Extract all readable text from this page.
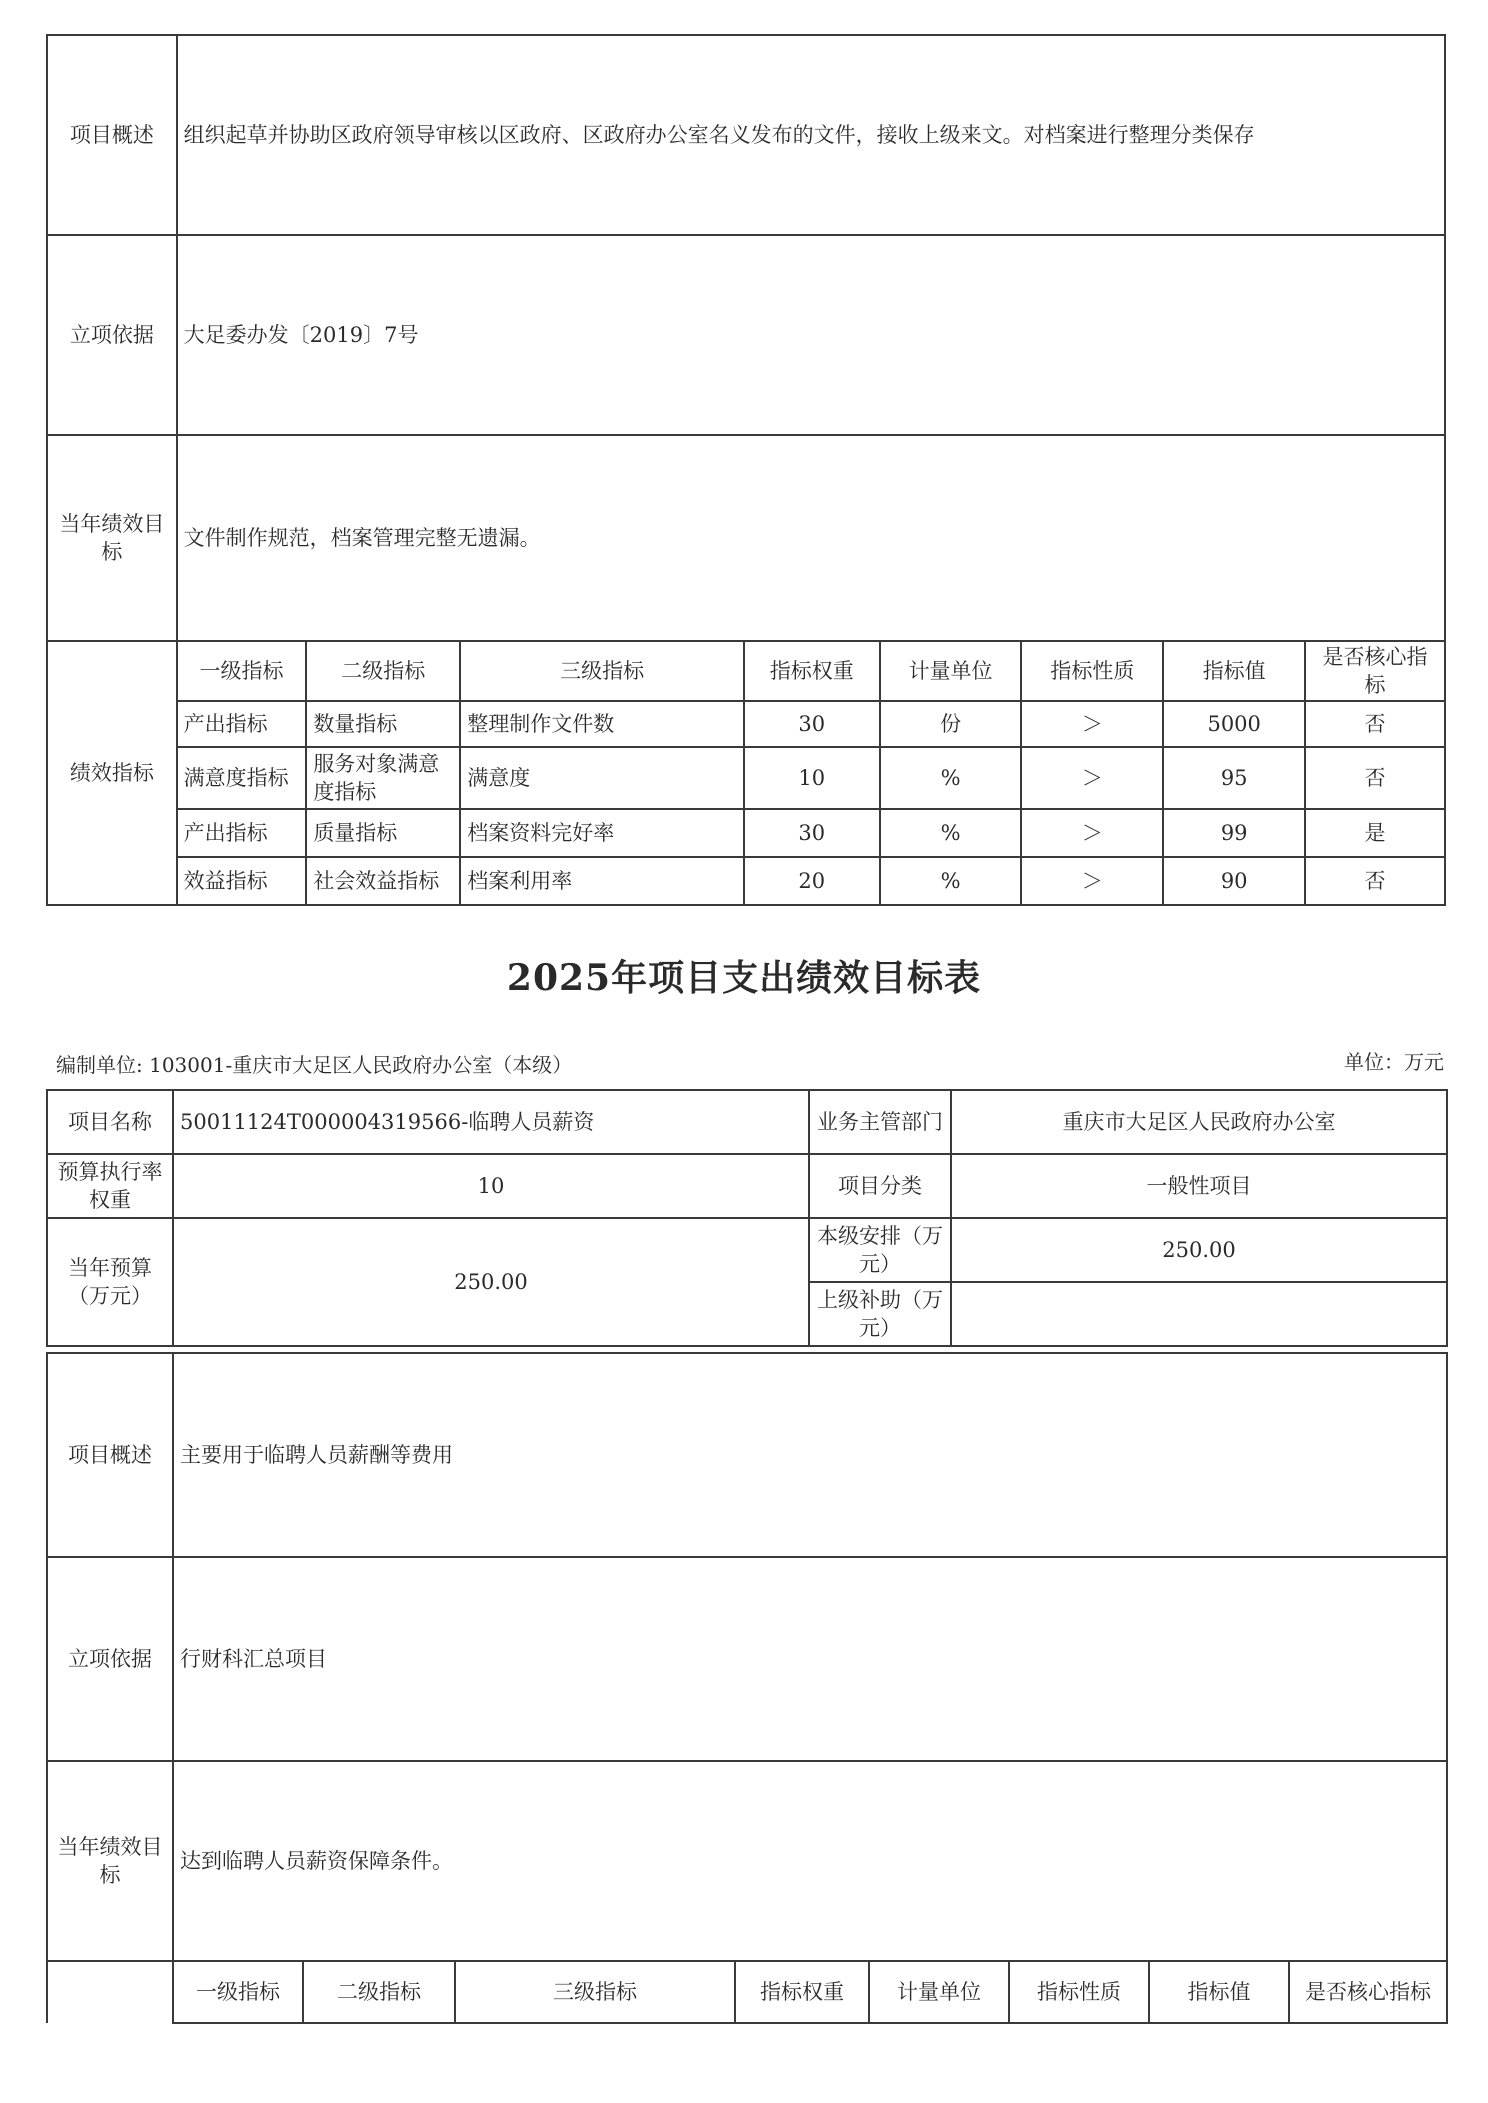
项目概述	组织起草并协助区政府领导审核以区政府、区政府办公室名义发布的文件，接收上级来文。对档案进行整理分类保存							
立项依据	大足委办发〔2019〕7号							
当年绩效目标	文件制作规范，档案管理完整无遗漏。							
绩效指标	一级指标	二级指标	三级指标	指标权重	计量单位	指标性质	指标值	是否核心指标
	产出指标	数量指标	整理制作文件数	30	份	＞	5000	否
	满意度指标	服务对象满意度指标	满意度	10	%	＞	95	否
	产出指标	质量指标	档案资料完好率	30	%	＞	99	是
	效益指标	社会效益指标	档案利用率	20	%	＞	90	否
2025年项目支出绩效目标表
编制单位: 103001-重庆市大足区人民政府办公室（本级）	单位：万元
项目名称	50011124T000004319566-临聘人员薪资	业务主管部门	重庆市大足区人民政府办公室
预算执行率权重	10	项目分类	一般性项目
当年预算（万元）	250.00	本级安排（万元）	250.00
		上级补助（万元）	
项目概述	主要用于临聘人员薪酬等费用
立项依据	行财科汇总项目
当年绩效目标	达到临聘人员薪资保障条件。
	一级指标	二级指标	三级指标	指标权重	计量单位	指标性质	指标值	是否核心指标
